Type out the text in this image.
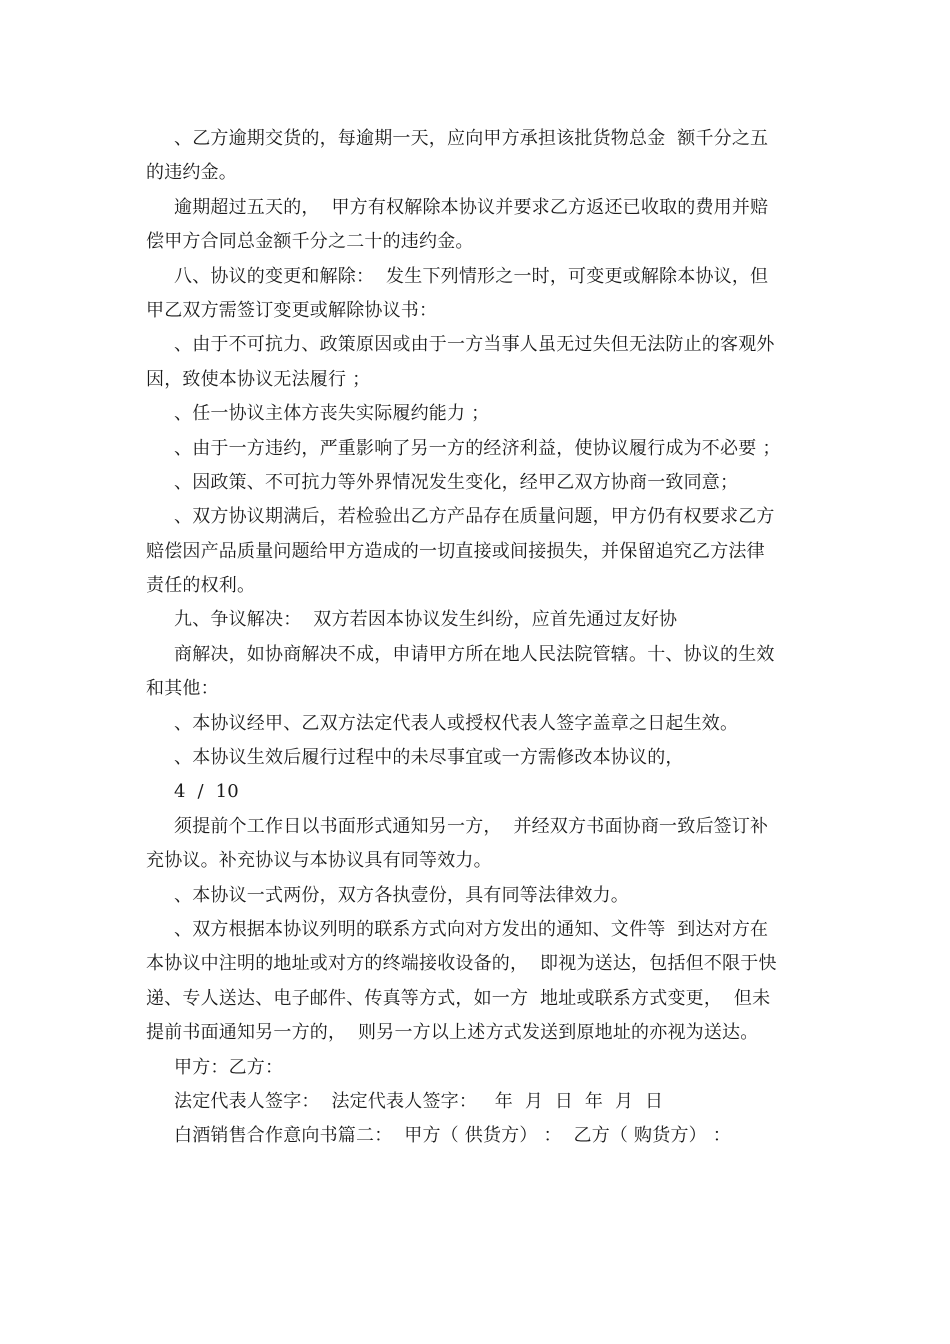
、乙方逾期交货的，每逾期一天，应向甲方承担该批货物总金  额千分之五
的违约金。
逾期超过五天的，  甲方有权解除本协议并要求乙方返还已收取的费用并赔
偿甲方合同总金额千分之二十的违约金。
八、协议的变更和解除：  发生下列情形之一时，可变更或解除本协议，但
甲乙双方需签订变更或解除协议书：
、由于不可抗力、政策原因或由于一方当事人虽无过失但无法防止的客观外
因，致使本协议无法履行 ；
、任一协议主体方丧失实际履约能力 ；
、由于一方违约，严重影响了另一方的经济利益，使协议履行成为不必要 ；
、因政策、不可抗力等外界情况发生变化，经甲乙双方协商一致同意；
、双方协议期满后，若检验出乙方产品存在质量问题，甲方仍有权要求乙方
赔偿因产品质量问题给甲方造成的一切直接或间接损失，并保留追究乙方法律
责任的权利。
九、争议解决：  双方若因本协议发生纠纷，应首先通过友好协
商解决，如协商解决不成，申请甲方所在地人民法院管辖。十、协议的生效
和其他：
、本协议经甲、乙双方法定代表人或授权代表人签字盖章之日起生效。
、本协议生效后履行过程中的未尽事宜或一方需修改本协议的，
4  /  10
须提前个工作日以书面形式通知另一方，  并经双方书面协商一致后签订补
充协议。补充协议与本协议具有同等效力。
、本协议一式两份，双方各执壹份，具有同等法律效力。
、双方根据本协议列明的联系方式向对方发出的通知、文件等  到达对方在
本协议中注明的地址或对方的终端接收设备的，  即视为送达，包括但不限于快
递、专人送达、电子邮件、传真等方式，如一方  地址或联系方式变更，  但未
提前书面通知另一方的，  则另一方以上述方式发送到原地址的亦视为送达。
甲方：乙方：
法定代表人签字：  法定代表人签字：   年  月  日  年  月  日
白酒销售合作意向书篇二：  甲方（ 供货方） ：  乙方（ 购货方） ：
